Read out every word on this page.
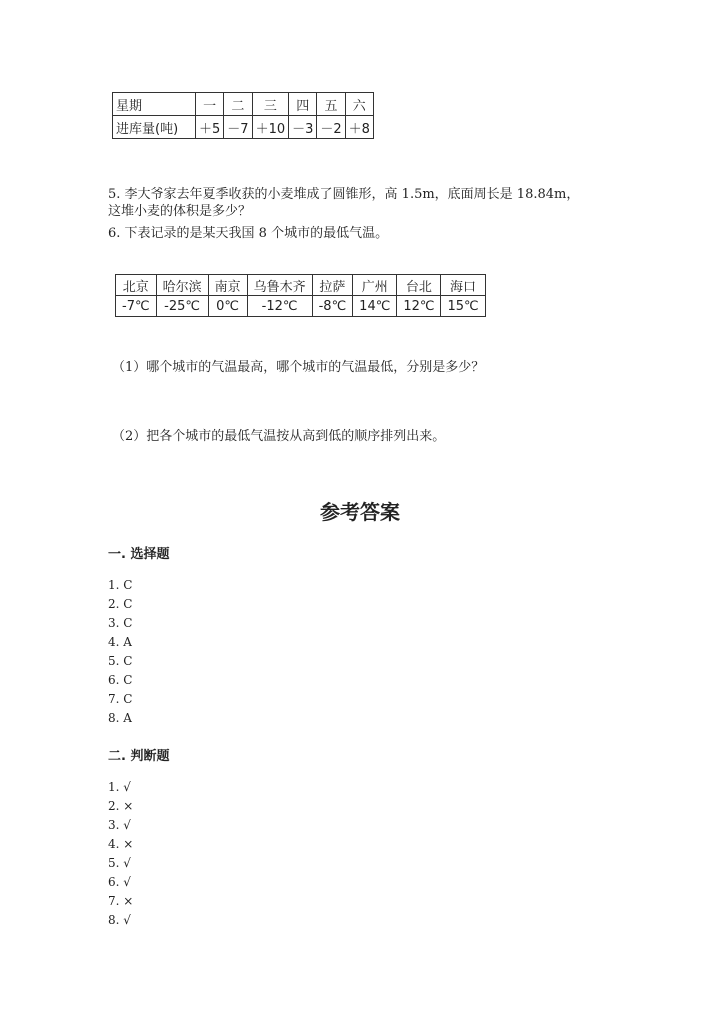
星期	一	二	三	四	五	六
进库量(吨)	＋5	－7	＋10	－3	－2	＋8
5. 李大爷家去年夏季收获的小麦堆成了圆锥形，高 1.5m，底面周长是 18.84m，
这堆小麦的体积是多少？
6. 下表记录的是某天我国 8 个城市的最低气温。
北京	哈尔滨	南京	乌鲁木齐	拉萨	广州	台北	海口
-7℃	-25℃	0℃	-12℃	-8℃	14℃	12℃	15℃
（1）哪个城市的气温最高，哪个城市的气温最低，分别是多少？
（2）把各个城市的最低气温按从高到低的顺序排列出来。
参考答案
一. 选择题
1. C
2. C
3. C
4. A
5. C
6. C
7. C
8. A
二. 判断题
1. √
2. ×
3. √
4. ×
5. √
6. √
7. ×
8. √
